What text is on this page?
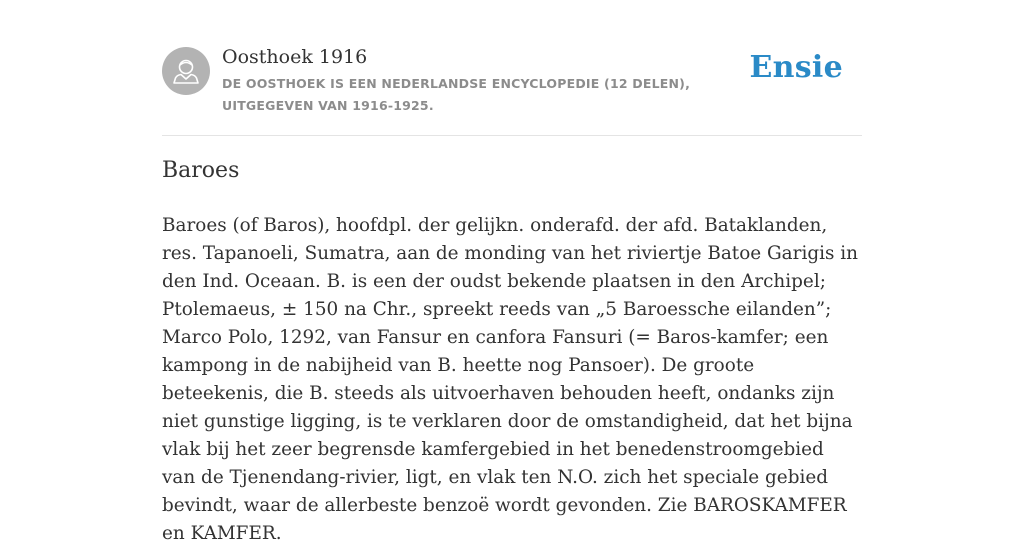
Oosthoek 1916
DE OOSTHOEK IS EEN NEDERLANDSE ENCYCLOPEDIE (12 DELEN), UITGEGEVEN VAN 1916-1925.
Ensie
Baroes

Baroes (of Baros), hoofdpl. der gelijkn. onderafd. der afd. Bataklanden, res. Tapanoeli, Sumatra, aan de monding van het riviertje Batoe Garigis in den Ind. Oceaan. B. is een der oudst bekende plaatsen in den Archipel; Ptolemaeus, ± 150 na Chr., spreekt reeds van „5 Baroessche eilanden”; Marco Polo, 1292, van Fansur en canfora Fansuri (= Baros-kamfer; een kampong in de nabijheid van B. heette nog Pansoer). De groote beteekenis, die B. steeds als uitvoerhaven behouden heeft, ondanks zijn niet gunstige ligging, is te verklaren door de omstandigheid, dat het bijna vlak bij het zeer begrensde kamfergebied in het benedenstroomgebied van de Tjenendang-rivier, ligt, en vlak ten N.O. zich het speciale gebied bevindt, waar de allerbeste benzoë wordt gevonden. Zie BAROSKAMFER en KAMFER.
